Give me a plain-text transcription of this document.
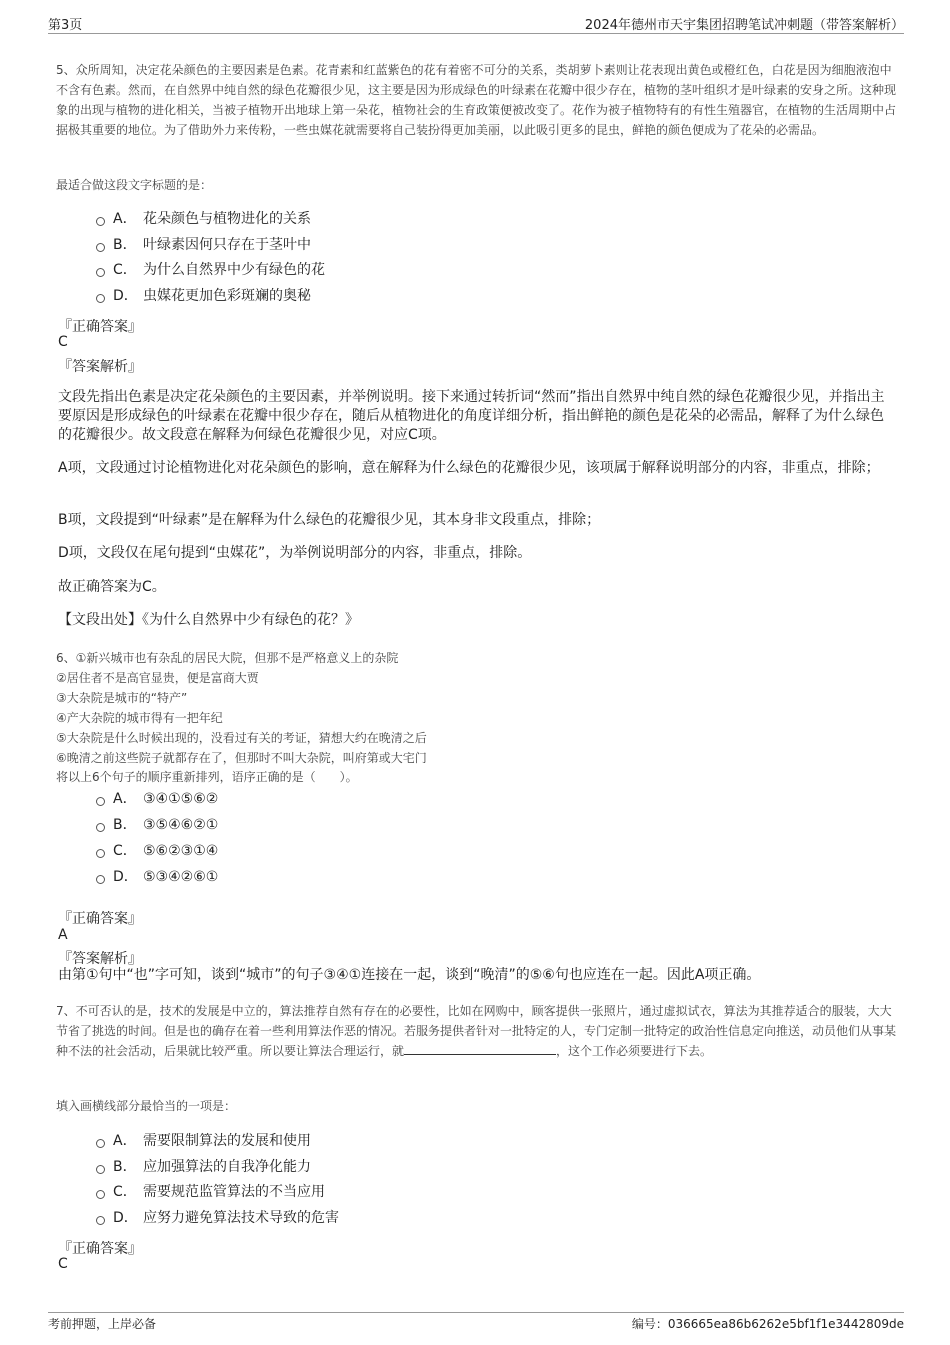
第3页	2024年德州市天宇集团招聘笔试冲刺题（带答案解析）
5、众所周知，决定花朵颜色的主要因素是色素。花青素和红蓝紫色的花有着密不可分的关系，类胡萝卜素则让花表现出黄色或橙红色，白花是因为细胞液泡中不含有色素。然而，在自然界中纯自然的绿色花瓣很少见，这主要是因为形成绿色的叶绿素在花瓣中很少存在，植物的茎叶组织才是叶绿素的安身之所。这种现象的出现与植物的进化相关，当被子植物开出地球上第一朵花，植物社会的生育政策便被改变了。花作为被子植物特有的有性生殖器官，在植物的生活周期中占据极其重要的地位。为了借助外力来传粉，一些虫媒花就需要将自己装扮得更加美丽，以此吸引更多的昆虫，鲜艳的颜色便成为了花朵的必需品。
最适合做这段文字标题的是：
A． 花朵颜色与植物进化的关系
B． 叶绿素因何只存在于茎叶中
C． 为什么自然界中少有绿色的花
D． 虫媒花更加色彩斑斓的奥秘
『正确答案』
C
『答案解析』
文段先指出色素是决定花朵颜色的主要因素，并举例说明。接下来通过转折词“然而”指出自然界中纯自然的绿色花瓣很少见，并指出主要原因是形成绿色的叶绿素在花瓣中很少存在，随后从植物进化的角度详细分析，指出鲜艳的颜色是花朵的必需品，解释了为什么绿色的花瓣很少。故文段意在解释为何绿色花瓣很少见，对应C项。
A项，文段通过讨论植物进化对花朵颜色的影响，意在解释为什么绿色的花瓣很少见，该项属于解释说明部分的内容，非重点，排除；
B项，文段提到“叶绿素”是在解释为什么绿色的花瓣很少见，其本身非文段重点，排除；
D项，文段仅在尾句提到“虫媒花”，为举例说明部分的内容，非重点，排除。
故正确答案为C。
【文段出处】《为什么自然界中少有绿色的花？》
6、①新兴城市也有杂乱的居民大院，但那不是严格意义上的杂院
②居住者不是高官显贵，便是富商大贾
③大杂院是城市的“特产”
④产大杂院的城市得有一把年纪
⑤大杂院是什么时候出现的，没看过有关的考证，猜想大约在晚清之后
⑥晚清之前这些院子就都存在了，但那时不叫大杂院，叫府第或大宅门
将以上6个句子的顺序重新排列，语序正确的是（　　）。
A． ③④①⑤⑥②
B． ③⑤④⑥②①
C． ⑤⑥②③①④
D． ⑤③④②⑥①
『正确答案』
A
『答案解析』
由第①句中“也”字可知，谈到“城市”的句子③④①连接在一起，谈到“晚清”的⑤⑥句也应连在一起。因此A项正确。
7、不可否认的是，技术的发展是中立的，算法推荐自然有存在的必要性，比如在网购中，顾客提供一张照片，通过虚拟试衣，算法为其推荐适合的服装，大大节省了挑选的时间。但是也的确存在着一些利用算法作恶的情况。若服务提供者针对一批特定的人，专门定制一批特定的政治性信息定向推送，动员他们从事某种不法的社会活动，后果就比较严重。所以要让算法合理运行，就	，这个工作必须要进行下去。
填入画横线部分最恰当的一项是：
A． 需要限制算法的发展和使用
B． 应加强算法的自我净化能力
C． 需要规范监管算法的不当应用
D． 应努力避免算法技术导致的危害
『正确答案』
C
考前押题，上岸必备	编号：036665ea86b6262e5bf1f1e3442809de
